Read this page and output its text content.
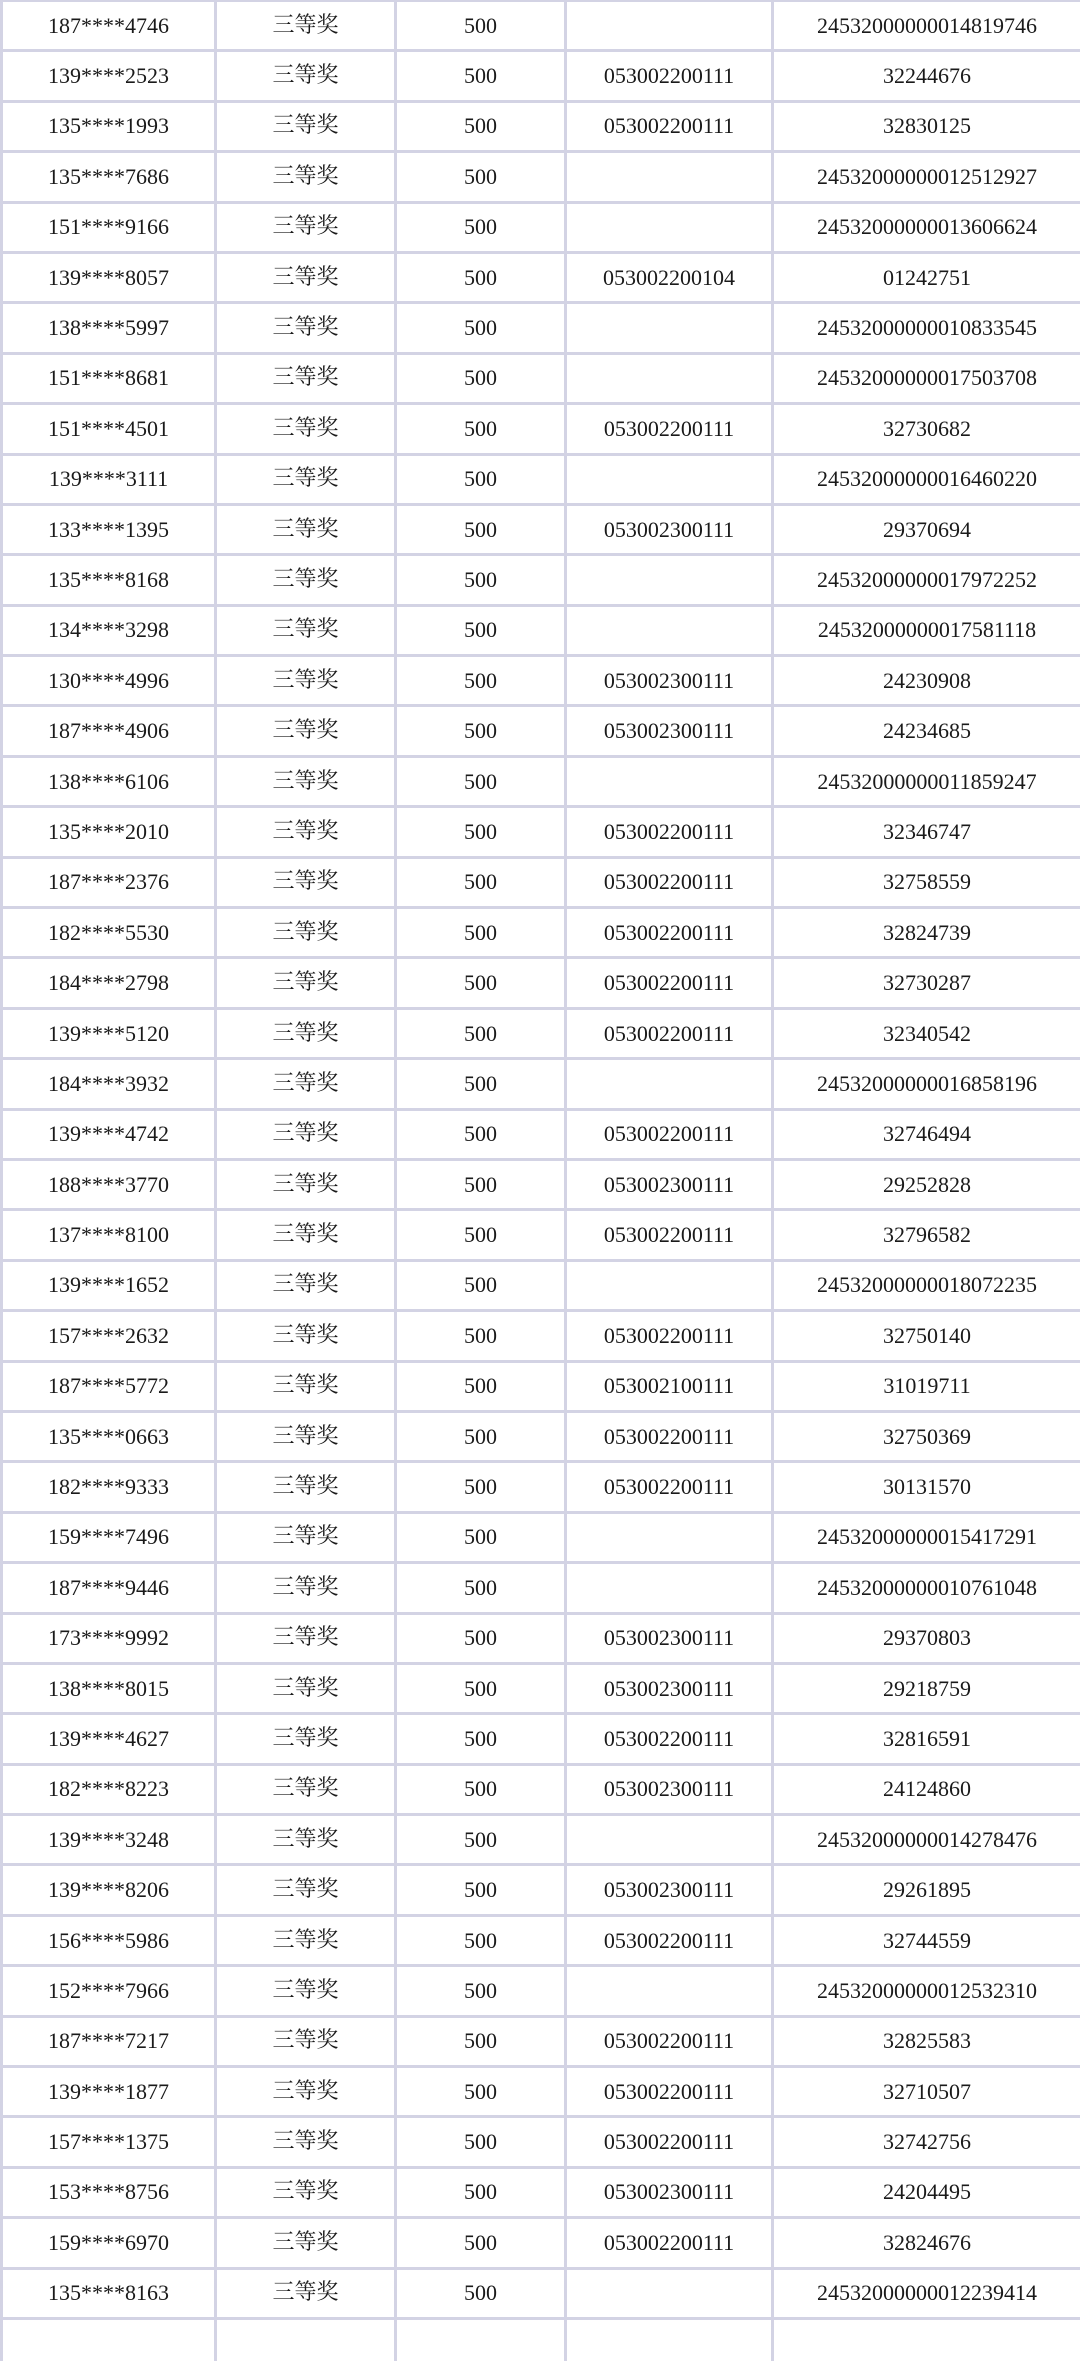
187****4746	三等奖	500		24532000000014819746
139****2523	三等奖	500	053002200111	32244676
135****1993	三等奖	500	053002200111	32830125
135****7686	三等奖	500		24532000000012512927
151****9166	三等奖	500		24532000000013606624
139****8057	三等奖	500	053002200104	01242751
138****5997	三等奖	500		24532000000010833545
151****8681	三等奖	500		24532000000017503708
151****4501	三等奖	500	053002200111	32730682
139****3111	三等奖	500		24532000000016460220
133****1395	三等奖	500	053002300111	29370694
135****8168	三等奖	500		24532000000017972252
134****3298	三等奖	500		24532000000017581118
130****4996	三等奖	500	053002300111	24230908
187****4906	三等奖	500	053002300111	24234685
138****6106	三等奖	500		24532000000011859247
135****2010	三等奖	500	053002200111	32346747
187****2376	三等奖	500	053002200111	32758559
182****5530	三等奖	500	053002200111	32824739
184****2798	三等奖	500	053002200111	32730287
139****5120	三等奖	500	053002200111	32340542
184****3932	三等奖	500		24532000000016858196
139****4742	三等奖	500	053002200111	32746494
188****3770	三等奖	500	053002300111	29252828
137****8100	三等奖	500	053002200111	32796582
139****1652	三等奖	500		24532000000018072235
157****2632	三等奖	500	053002200111	32750140
187****5772	三等奖	500	053002100111	31019711
135****0663	三等奖	500	053002200111	32750369
182****9333	三等奖	500	053002200111	30131570
159****7496	三等奖	500		24532000000015417291
187****9446	三等奖	500		24532000000010761048
173****9992	三等奖	500	053002300111	29370803
138****8015	三等奖	500	053002300111	29218759
139****4627	三等奖	500	053002200111	32816591
182****8223	三等奖	500	053002300111	24124860
139****3248	三等奖	500		24532000000014278476
139****8206	三等奖	500	053002300111	29261895
156****5986	三等奖	500	053002200111	32744559
152****7966	三等奖	500		24532000000012532310
187****7217	三等奖	500	053002200111	32825583
139****1877	三等奖	500	053002200111	32710507
157****1375	三等奖	500	053002200111	32742756
153****8756	三等奖	500	053002300111	24204495
159****6970	三等奖	500	053002200111	32824676
135****8163	三等奖	500		24532000000012239414
